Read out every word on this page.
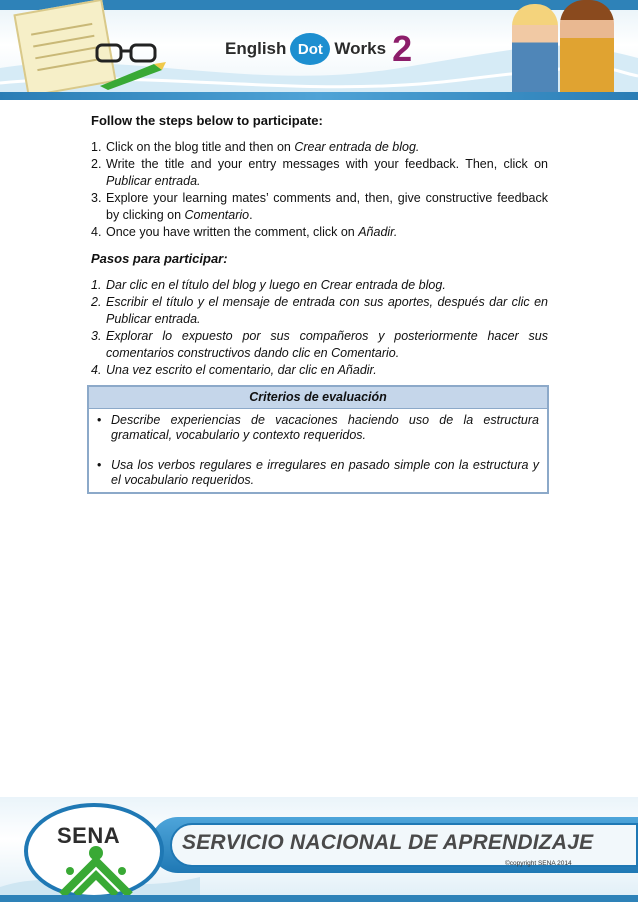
English Dot Works 2
Follow the steps below to participate:
1. Click on the blog title and then on Crear entrada de blog.
2. Write the title and your entry messages with your feedback. Then, click on Publicar entrada.
3. Explore your learning mates’ comments and, then, give constructive feedback by clicking on Comentario.
4. Once you have written the comment, click on Añadir.
Pasos para participar:
1. Dar clic en el título del blog y luego en Crear entrada de blog.
2. Escribir el título y el mensaje de entrada con sus aportes, después dar clic en Publicar entrada.
3. Explorar lo expuesto por sus compañeros y posteriormente hacer sus comentarios constructivos dando clic en Comentario.
4. Una vez escrito el comentario, dar clic en Añadir.
Criterios de evaluación
• Describe experiencias de vacaciones haciendo uso de la estructura gramatical, vocabulario y contexto requeridos.
• Usa los verbos regulares e irregulares en pasado simple con la estructura y el vocabulario requeridos.
SERVICIO NACIONAL DE APRENDIZAJE
©copyright SENA 2014
SENA
